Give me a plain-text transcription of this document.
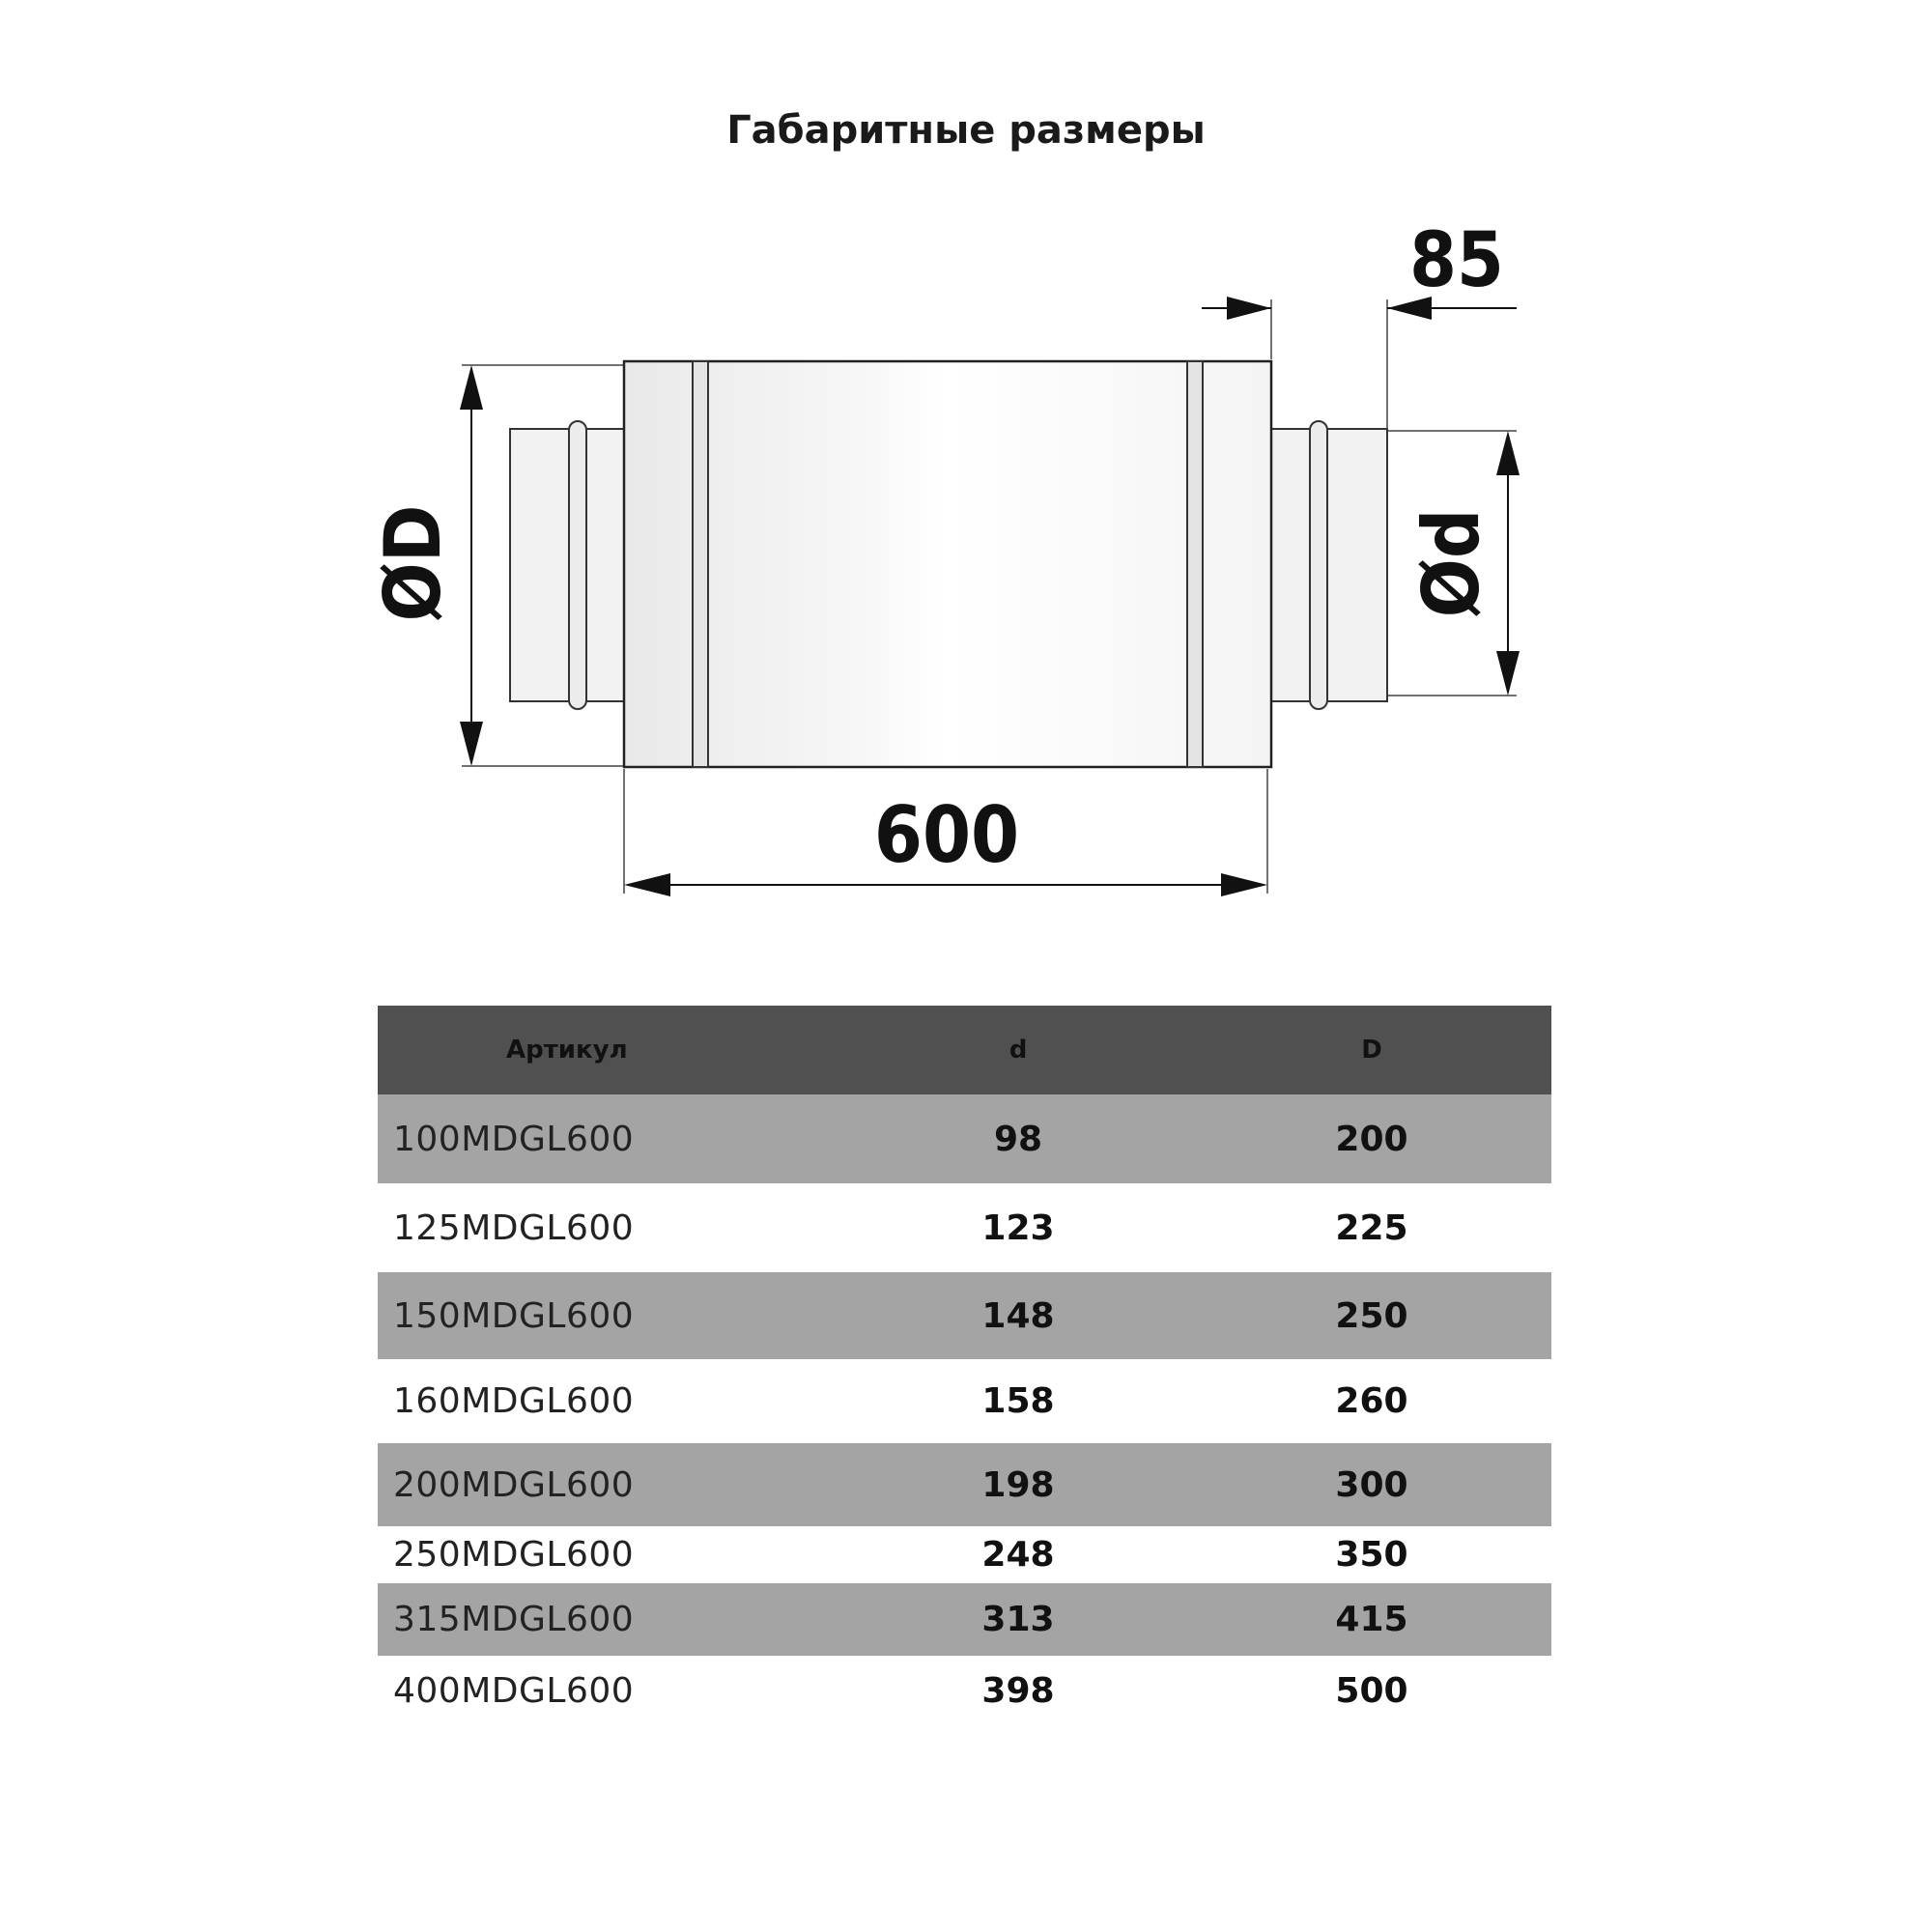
Габаритные размеры
ØD	Ød
85
600
Артикул	d	D
100MDGL600	98	200
125MDGL600	123	225
150MDGL600	148	250
160MDGL600	158	260
200MDGL600	198	300
250MDGL600	248	350
315MDGL600	313	415
400MDGL600	398	500
